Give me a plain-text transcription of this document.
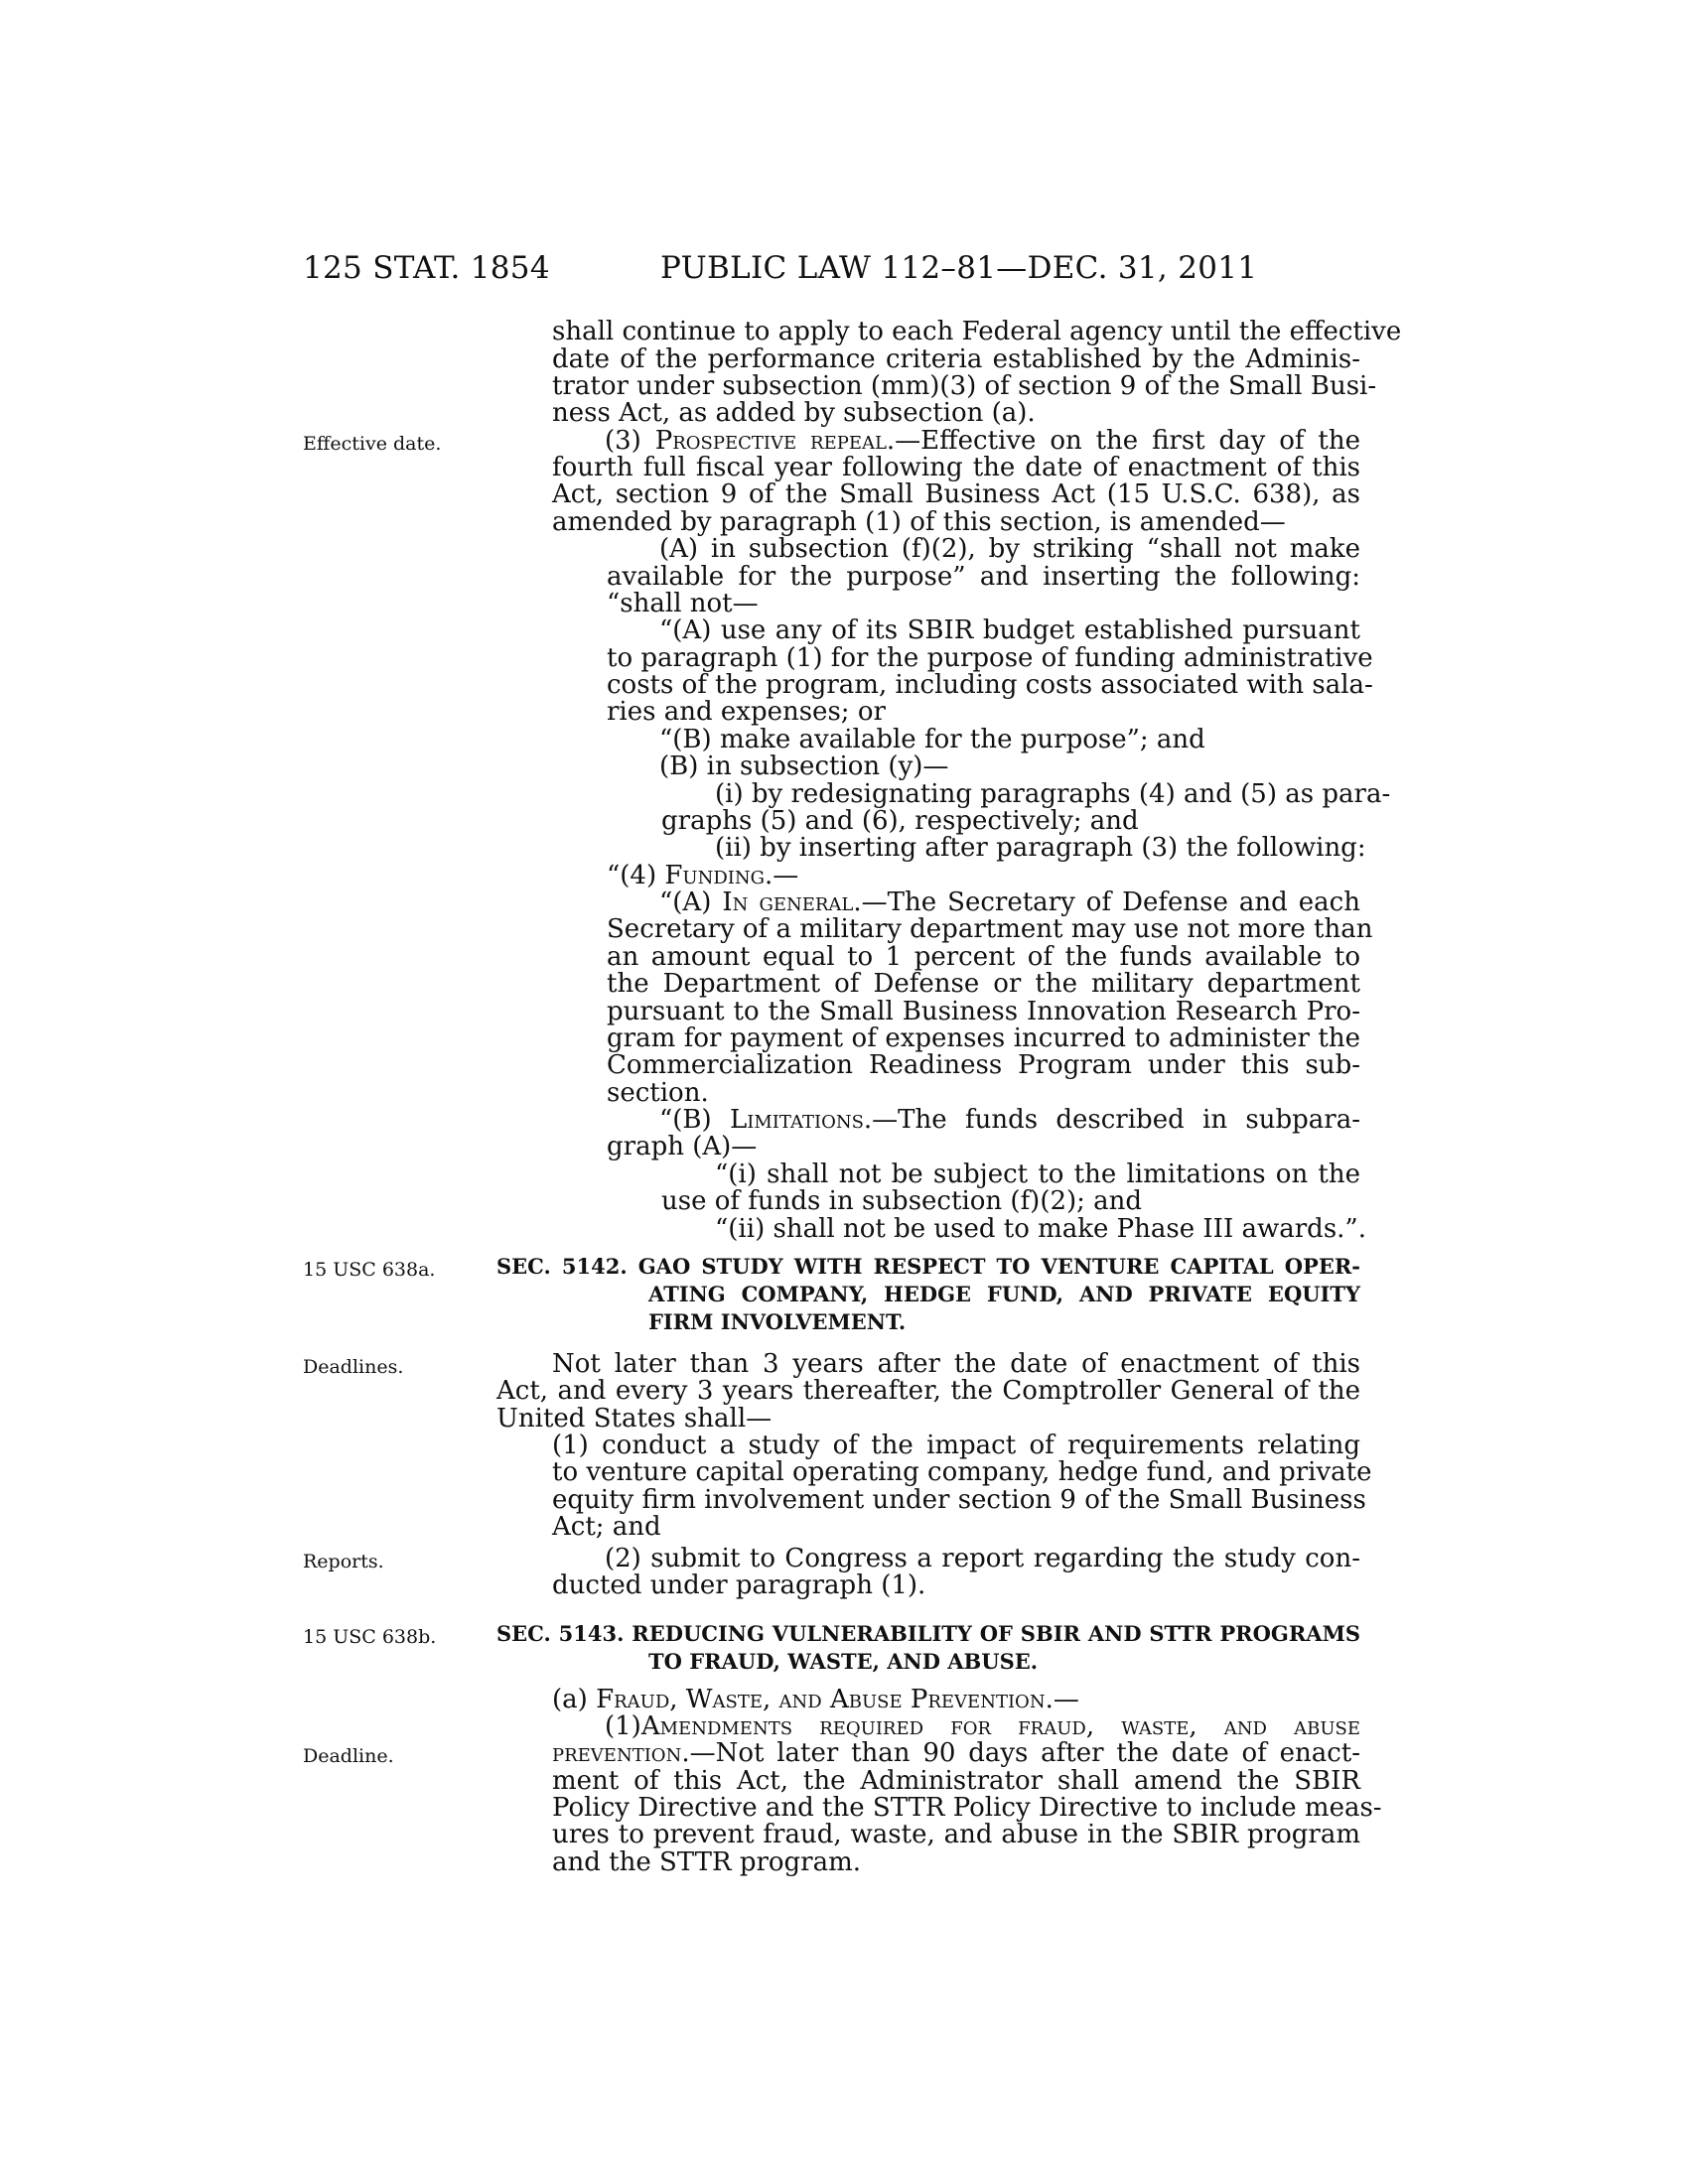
125 STAT. 1854	PUBLIC LAW 112–81—DEC. 31, 2011
Effective date.
15 USC 638a.
Deadlines.
Reports.
15 USC 638b.
Deadline.
shall continue to apply to each Federal agency until the effective
date of the performance criteria established by the Adminis-
trator under subsection (mm)(3) of section 9 of the Small Busi-
ness Act, as added by subsection (a).
(3) Prospective repeal.—Effective on the first day of the
fourth full fiscal year following the date of enactment of this
Act, section 9 of the Small Business Act (15 U.S.C. 638), as
amended by paragraph (1) of this section, is amended—
(A) in subsection (f)(2), by striking “shall not make
available for the purpose” and inserting the following:
“shall not—
“(A) use any of its SBIR budget established pursuant
to paragraph (1) for the purpose of funding administrative
costs of the program, including costs associated with sala-
ries and expenses; or
“(B) make available for the purpose”; and
(B) in subsection (y)—
(i) by redesignating paragraphs (4) and (5) as para-
graphs (5) and (6), respectively; and
(ii) by inserting after paragraph (3) the following:
“(4) Funding.—
“(A) In general.—The Secretary of Defense and each
Secretary of a military department may use not more than
an amount equal to 1 percent of the funds available to
the Department of Defense or the military department
pursuant to the Small Business Innovation Research Pro-
gram for payment of expenses incurred to administer the
Commercialization Readiness Program under this sub-
section.
“(B) Limitations.—The funds described in subpara-
graph (A)—
“(i) shall not be subject to the limitations on the
use of funds in subsection (f)(2); and
“(ii) shall not be used to make Phase III awards.”.
SEC. 5142. GAO STUDY WITH RESPECT TO VENTURE CAPITAL OPER-
ATING COMPANY, HEDGE FUND, AND PRIVATE EQUITY
FIRM INVOLVEMENT.
Not later than 3 years after the date of enactment of this
Act, and every 3 years thereafter, the Comptroller General of the
United States shall—
(1) conduct a study of the impact of requirements relating
to venture capital operating company, hedge fund, and private
equity firm involvement under section 9 of the Small Business
Act; and
(2) submit to Congress a report regarding the study con-
ducted under paragraph (1).
SEC. 5143. REDUCING VULNERABILITY OF SBIR AND STTR PROGRAMS
TO FRAUD, WASTE, AND ABUSE.
(a) Fraud, Waste, and Abuse Prevention.—
(1)Amendments required for fraud, waste, and abuse
prevention.—Not later than 90 days after the date of enact-
ment of this Act, the Administrator shall amend the SBIR
Policy Directive and the STTR Policy Directive to include meas-
ures to prevent fraud, waste, and abuse in the SBIR program
and the STTR program.
